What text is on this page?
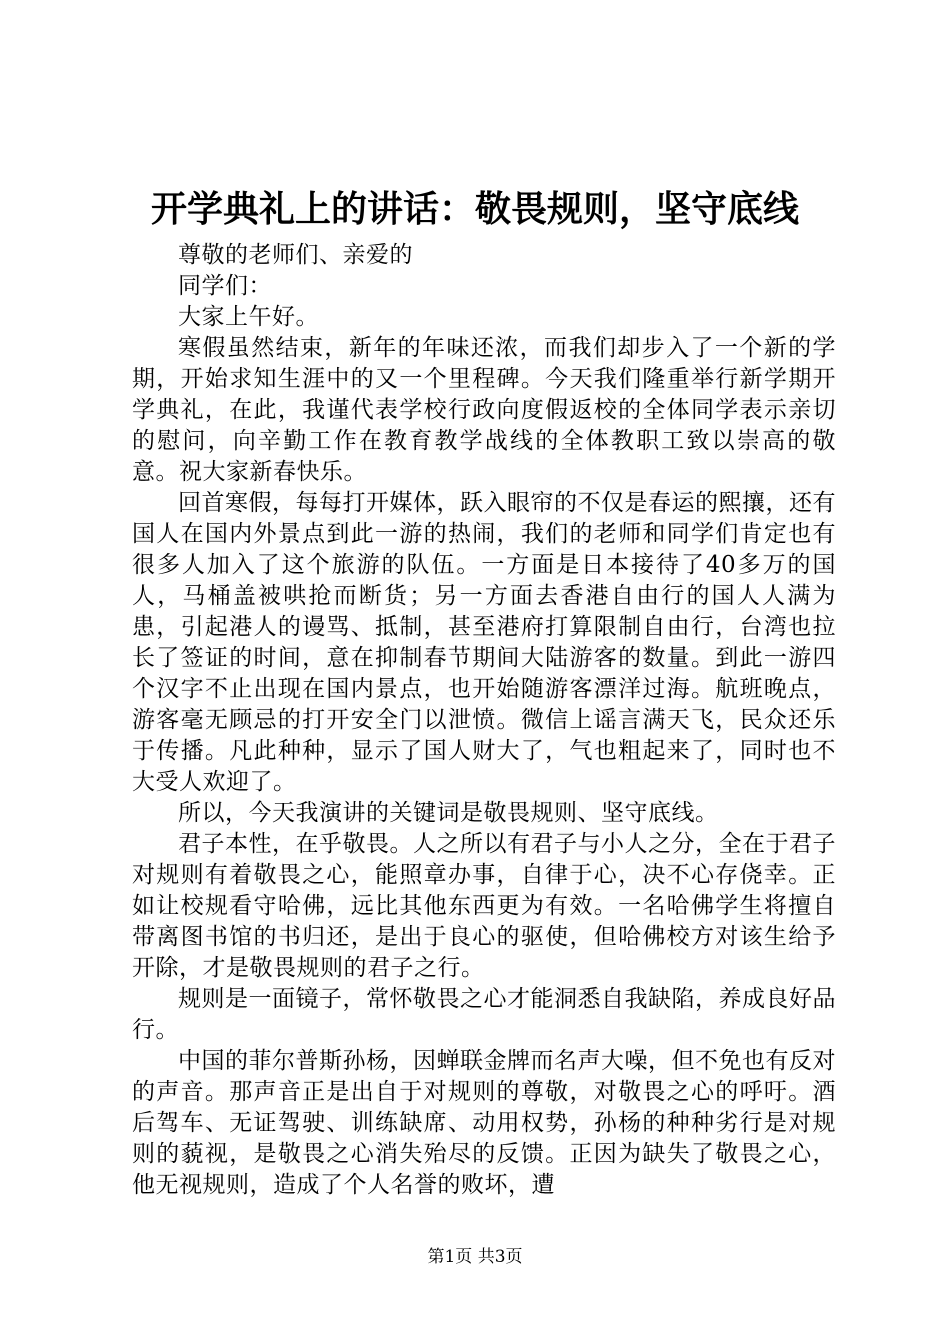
开学典礼上的讲话：敬畏规则，坚守底线

尊敬的老师们、亲爱的

同学们：

大家上午好。

寒假虽然结束，新年的年味还浓，而我们却步入了一个新的学期，开始求知生涯中的又一个里程碑。今天我们隆重举行新学期开学典礼，在此，我谨代表学校行政向度假返校的全体同学表示亲切的慰问，向辛勤工作在教育教学战线的全体教职工致以崇高的敬意。祝大家新春快乐。

回首寒假，每每打开媒体，跃入眼帘的不仅是春运的熙攘，还有国人在国内外景点到此一游的热闹，我们的老师和同学们肯定也有很多人加入了这个旅游的队伍。一方面是日本接待了40多万的国人，马桶盖被哄抢而断货；另一方面去香港自由行的国人人满为患，引起港人的谩骂、抵制，甚至港府打算限制自由行，台湾也拉长了签证的时间，意在抑制春节期间大陆游客的数量。到此一游四个汉字不止出现在国内景点，也开始随游客漂洋过海。航班晚点，游客毫无顾忌的打开安全门以泄愤。微信上谣言满天飞，民众还乐于传播。凡此种种，显示了国人财大了，气也粗起来了，同时也不大受人欢迎了。

所以，今天我演讲的关键词是敬畏规则、坚守底线。

君子本性，在乎敬畏。人之所以有君子与小人之分，全在于君子对规则有着敬畏之心，能照章办事，自律于心，决不心存侥幸。正如让校规看守哈佛，远比其他东西更为有效。一名哈佛学生将擅自带离图书馆的书归还，是出于良心的驱使，但哈佛校方对该生给予开除，才是敬畏规则的君子之行。

规则是一面镜子，常怀敬畏之心才能洞悉自我缺陷，养成良好品行。

中国的菲尔普斯孙杨，因蝉联金牌而名声大噪，但不免也有反对的声音。那声音正是出自于对规则的尊敬，对敬畏之心的呼吁。酒后驾车、无证驾驶、训练缺席、动用权势，孙杨的种种劣行是对规则的藐视，是敬畏之心消失殆尽的反馈。正因为缺失了敬畏之心，他无视规则，造成了个人名誉的败坏，遭

第1页 共3页
